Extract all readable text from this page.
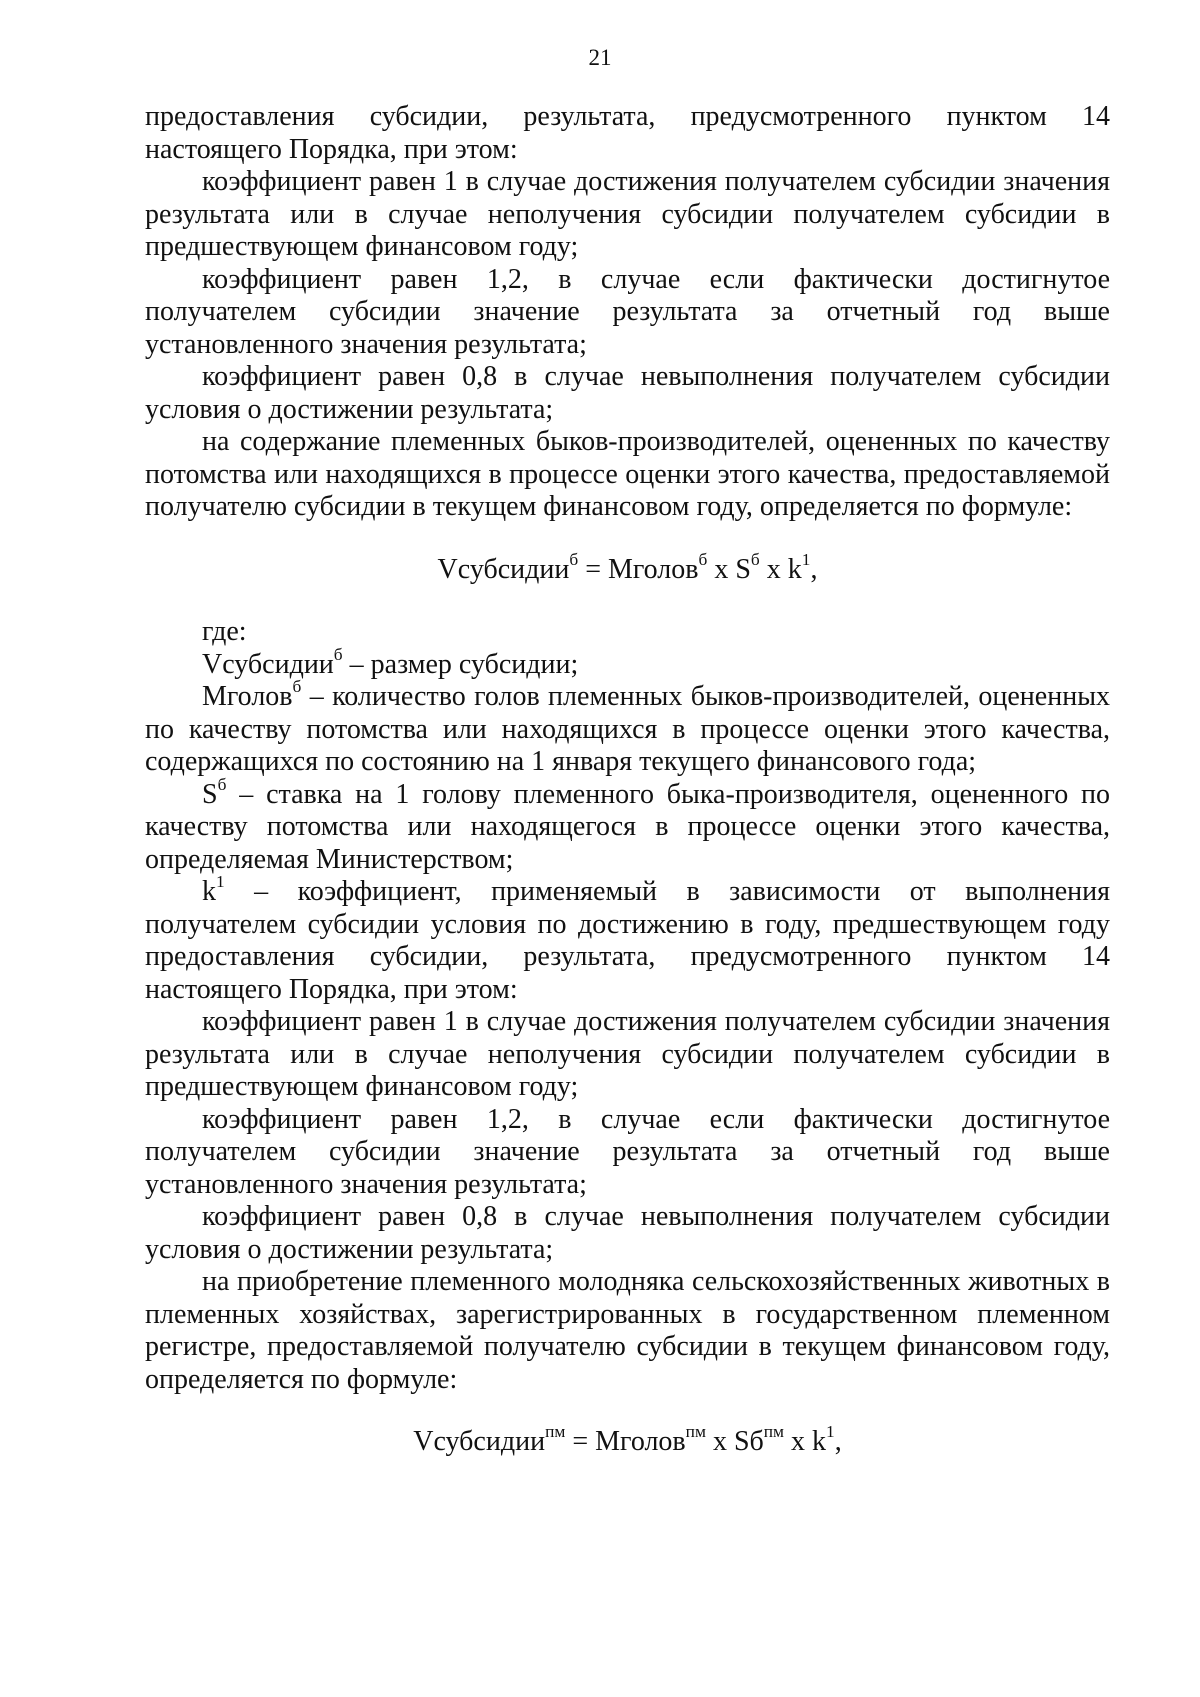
21

предоставления субсидии, результата, предусмотренного пунктом 14 настоящего Порядка, при этом:

коэффициент равен 1 в случае достижения получателем субсидии значения результата или в случае неполучения субсидии получателем субсидии в предшествующем финансовом году;

коэффициент равен 1,2, в случае если фактически достигнутое получателем субсидии значение результата за отчетный год выше установленного значения результата;

коэффициент равен 0,8 в случае невыполнения получателем субсидии условия о достижении результата;

на содержание племенных быков-производителей, оцененных по качеству потомства или находящихся в процессе оценки этого качества, предоставляемой получателю субсидии в текущем финансовом году, определяется по формуле:

Vсубсидии$^б$ = Мголов$^б$ х $S^б$ х $k^1$,

где:

Vсубсидии$^б$ – размер субсидии;

Мголов$^б$ – количество голов племенных быков-производителей, оцененных по качеству потомства или находящихся в процессе оценки этого качества, содержащихся по состоянию на 1 января текущего финансового года;

$S^б$ – ставка на 1 голову племенного быка-производителя, оцененного по качеству потомства или находящегося в процессе оценки этого качества, определяемая Министерством;

$k^1$ – коэффициент, применяемый в зависимости от выполнения получателем субсидии условия по достижению в году, предшествующем году предоставления субсидии, результата, предусмотренного пунктом 14 настоящего Порядка, при этом:

коэффициент равен 1 в случае достижения получателем субсидии значения результата или в случае неполучения субсидии получателем субсидии в предшествующем финансовом году;

коэффициент равен 1,2, в случае если фактически достигнутое получателем субсидии значение результата за отчетный год выше установленного значения результата;

коэффициент равен 0,8 в случае невыполнения получателем субсидии условия о достижении результата;

на приобретение племенного молодняка сельскохозяйственных животных в племенных хозяйствах, зарегистрированных в государственном племенном регистре, предоставляемой получателю субсидии в текущем финансовом году, определяется по формуле:

Vсубсидии$^{пм}$ = Мголов$^{пм}$ х $Sб^{пм}$ х $k^1$,
